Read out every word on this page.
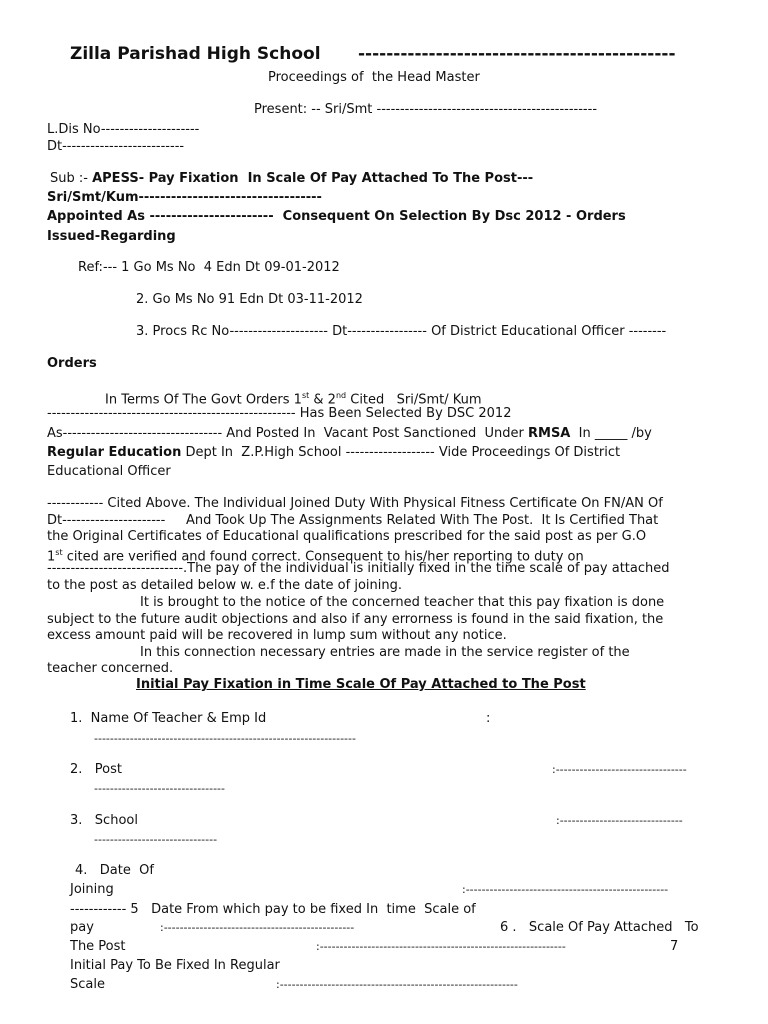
Zilla Parishad High School ---------------------------------------------
Proceedings of  the Head Master
Present: -- Sri/Smt -----------------------------------------------
L.Dis No---------------------
Dt--------------------------
Sub :- APESS- Pay Fixation  In Scale Of Pay Attached To The Post---
Sri/Smt/Kum----------------------------------
Appointed As -----------------------  Consequent On Selection By Dsc 2012 - Orders
Issued-Regarding
Ref:--- 1 Go Ms No  4 Edn Dt 09-01-2012
2. Go Ms No 91 Edn Dt 03-11-2012
3. Procs Rc No--------------------- Dt----------------- Of District Educational Officer --------
Orders
In Terms Of The Govt Orders 1st & 2nd Cited   Sri/Smt/ Kum
----------------------------------------------------- Has Been Selected By DSC 2012
As---------------------------------- And Posted In  Vacant Post Sanctioned  Under RMSA  In _____ /by
Regular Education Dept In  Z.P.High School ------------------- Vide Proceedings Of District
Educational Officer
------------ Cited Above. The Individual Joined Duty With Physical Fitness Certificate On FN/AN Of
Dt----------------------     And Took Up The Assignments Related With The Post.  It Is Certified That
the Original Certificates of Educational qualifications prescribed for the said post as per G.O
1st cited are verified and found correct. Consequent to his/her reporting to duty on
-----------------------------.The pay of the individual is initially fixed in the time scale of pay attached
to the post as detailed below w. e.f the date of joining.
It is brought to the notice of the concerned teacher that this pay fixation is done
subject to the future audit objections and also if any errorness is found in the said fixation, the
excess amount paid will be recovered in lump sum without any notice.
In this connection necessary entries are made in the service register of the
teacher concerned.
Initial Pay Fixation in Time Scale Of Pay Attached to The Post
1.  Name Of Teacher & Emp Id	:
------------------------------------------------------------------
2.   Post	:---------------------------------
---------------------------------
3.   School	:-------------------------------
-------------------------------
4.   Date  Of
Joining	:---------------------------------------------------
------------ 5   Date From which pay to be fixed In  time  Scale of
pay	:------------------------------------------------	6 .   Scale Of Pay Attached   To
The Post	:--------------------------------------------------------------	7
Initial Pay To Be Fixed In Regular
Scale	:------------------------------------------------------------
